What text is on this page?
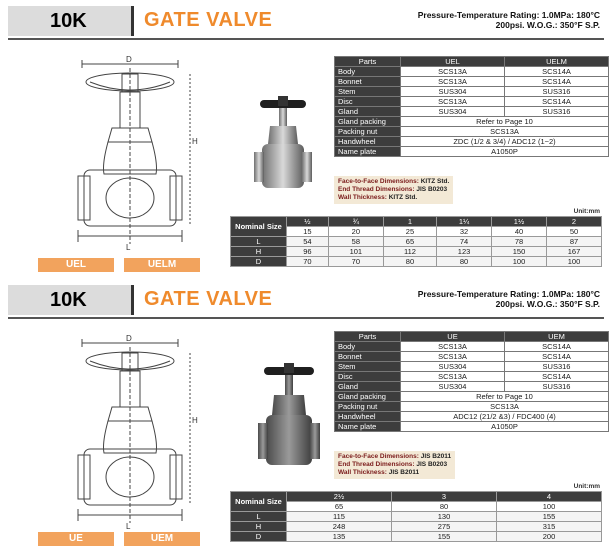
10K	GATE VALVE	Pressure-Temperature Rating: 1.0MPa: 180°C
200psi. W.O.G.: 350°F S.P.
D
H
L
UEL	UELM
Parts	UEL	UELM
Body	SCS13A	SCS14A
Bonnet	SCS13A	SCS14A
Stem	SUS304	SUS316
Disc	SCS13A	SCS14A
Gland	SUS304	SUS316
Gland packing	Refer to Page 10	
Packing nut	SCS13A	
Handwheel	ZDC (1/2 & 3/4) / ADC12 (1~2)	
Name plate	A1050P	
Face-to-Face Dimensions: KITZ Std.
End Thread Dimensions: JIS B0203
Wall Thickness: KITZ Std.
Unit:mm
Nominal Size	½	¾	1	1¼	1½	2
	15	20	25	32	40	50
L	54	58	65	74	78	87
H	96	101	112	123	150	167
D	70	70	80	80	100	100
10K	GATE VALVE	Pressure-Temperature Rating: 1.0MPa: 180°C
200psi. W.O.G.: 350°F S.P.
D
H
L
UE	UEM
Parts	UE	UEM
Body	SCS13A	SCS14A
Bonnet	SCS13A	SCS14A
Stem	SUS304	SUS316
Disc	SCS13A	SCS14A
Gland	SUS304	SUS316
Gland packing	Refer to Page 10	
Packing nut	SCS13A	
Handwheel	ADC12 (21/2 &3) / FDC400 (4)	
Name plate	A1050P	
Face-to-Face Dimensions: JIS B2011
End Thread Dimensions: JIS B0203
Wall Thickness: JIS B2011
Unit:mm
Nominal Size	2½	3	4
	65	80	100
L	115	130	155
H	248	275	315
D	135	155	200
